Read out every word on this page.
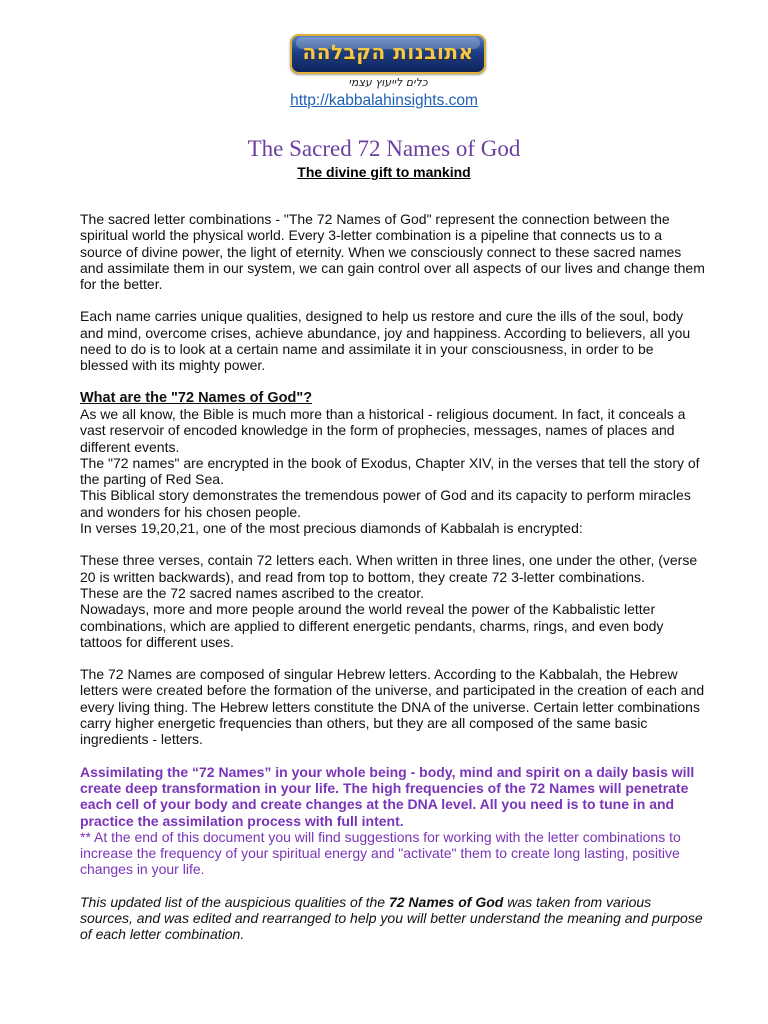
אתובנות הקבלהה
כלים לייעוץ עצמי
http://kabbalahinsights.com
The Sacred 72 Names of God
The divine gift to mankind

The sacred letter combinations - "The 72 Names of God" represent the connection between the spiritual world the physical world. Every 3-letter combination is a pipeline that connects us to a source of divine power, the light of eternity. When we consciously connect to these sacred names and assimilate them in our system, we can gain control over all aspects of our lives and change them for the better.

Each name carries unique qualities, designed to help us restore and cure the ills of the soul, body and mind, overcome crises, achieve abundance, joy and happiness. According to believers, all you need to do is to look at a certain name and assimilate it in your consciousness, in order to be blessed with its mighty power.

What are the "72 Names of God"?

As we all know, the Bible is much more than a historical - religious document. In fact, it conceals a vast reservoir of encoded knowledge in the form of prophecies, messages, names of places and different events.

The "72 names" are encrypted in the book of Exodus, Chapter XIV, in the verses that tell the story of the parting of Red Sea.

This Biblical story demonstrates the tremendous power of God and its capacity to perform miracles and wonders for his chosen people.

In verses 19,20,21, one of the most precious diamonds of Kabbalah is encrypted:

These three verses, contain 72 letters each. When written in three lines, one under the other, (verse 20 is written backwards), and read from top to bottom, they create 72 3-letter combinations.

These are the 72 sacred names ascribed to the creator.

Nowadays, more and more people around the world reveal the power of the Kabbalistic letter combinations, which are applied to different energetic pendants, charms, rings, and even body tattoos for different uses.

The 72 Names are composed of singular Hebrew letters. According to the Kabbalah, the Hebrew letters were created before the formation of the universe, and participated in the creation of each and every living thing. The Hebrew letters constitute the DNA of the universe. Certain letter combinations carry higher energetic frequencies than others, but they are all composed of the same basic ingredients - letters.

Assimilating the “72 Names” in your whole being - body, mind and spirit on a daily basis will create deep transformation in your life. The high frequencies of the 72 Names will penetrate each cell of your body and create changes at the DNA level. All you need is to tune in and practice the assimilation process with full intent.

** At the end of this document you will find suggestions for working with the letter combinations to increase the frequency of your spiritual energy and "activate" them to create long lasting, positive changes in your life.

This updated list of the auspicious qualities of the 72 Names of God was taken from various sources, and was edited and rearranged to help you will better understand the meaning and purpose of each letter combination.
